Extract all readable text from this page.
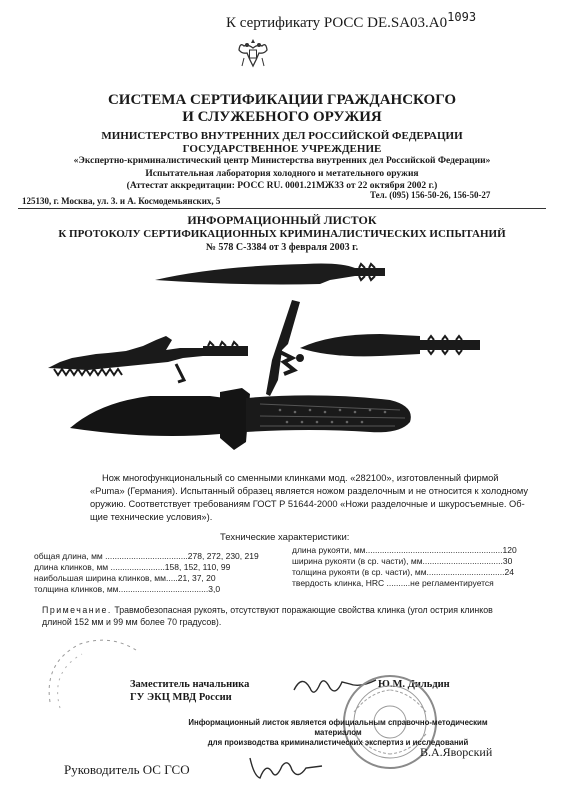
К сертификату РОСС $DE.SA03.A0^{1093}$
СИСТЕМА СЕРТИФИКАЦИИ ГРАЖДАНСКОГО
И СЛУЖЕБНОГО ОРУЖИЯ
МИНИСТЕРСТВО ВНУТРЕННИХ ДЕЛ РОССИЙСКОЙ ФЕДЕРАЦИИ
ГОСУДАРСТВЕННОЕ УЧРЕЖДЕНИЕ
«Экспертно-криминалистический центр Министерства внутренних дел Российской Федерации»
Испытательная лаборатория холодного и метательного оружия
(Аттестат аккредитации: РОСС RU. 0001.21МЖ33 от 22 октября 2002 г.)
125130, г. Москва, ул. 3. и А. Космодемьянских, 5
Тел. (095) 156-50-26, 156-50-27
ИНФОРМАЦИОННЫЙ ЛИСТОК
К ПРОТОКОЛУ СЕРТИФИКАЦИОННЫХ КРИМИНАЛИСТИЧЕСКИХ ИСПЫТАНИЙ
№ 578 С-3384 от 3 февраля 2003 г.
Нож многофункциональный со сменными клинками мод. «282100», изготовленный фирмой
«Puma» (Германия). Испытанный образец является ножом разделочным и не относится к холодному
оружию. Соответствует требованиям ГОСТ Р 51644-2000 «Ножи разделочные и шкуросъемные. Об-
щие технические условия»).
Технические характеристики:
общая длина, мм ...................................278, 272, 230, 219
длина клинков, мм .......................158, 152, 110, 99
наибольшая ширина клинков, мм.....21, 37, 20
толщина клинков, мм......................................3,0
длина рукояти, мм..........................................................120
ширина рукояти (в ср. части), мм..................................30
толщина рукояти (в ср. части), мм.................................24
твердость клинка, HRC ..........не регламентируется
Примечание. Травмобезопасная рукоять, отсутствуют поражающие свойства клинка (угол острия клинков
длиной 152 мм и 99 мм более 70 градусов).
Заместитель начальника
ГУ ЭКЦ МВД России
Ю.М. Дильдин
Информационный листок является официальным справочно-методическим материалом
для производства криминалистических экспертиз и исследований
Руководитель ОС ГСО
В.А.Яворский
